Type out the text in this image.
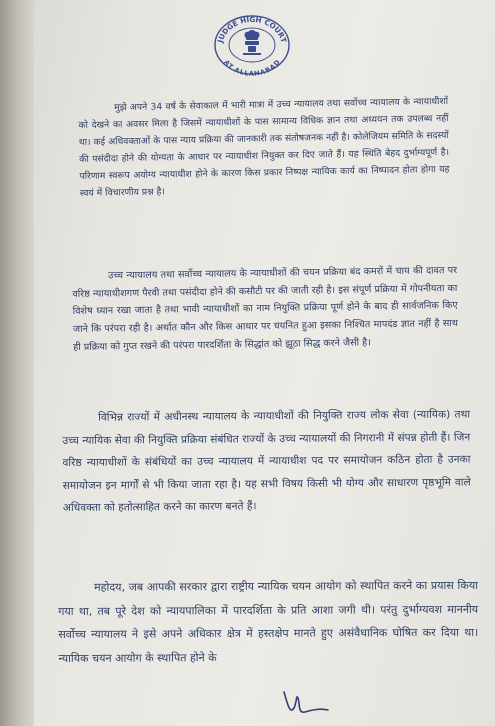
JUDGE HIGH COURT
AT ALLAHABAD

मुझे अपने 34 वर्ष के सेवाकाल में भारी मात्रा में उच्च न्यायालय तथा सर्वोच्च न्यायालय के न्यायाधीशों को देखने का अवसर मिला है जिसमें न्यायाधीशों के पास सामान्य विधिक ज्ञान तथा अध्ययन तक उपलब्ध नहीं था। कई अधिवक्ताओं के पास न्याय प्रक्रिया की जानकारी तक संतोषजनक नहीं है। कोलेजियम समिति के सदस्यों की पसंदीदा होने की योग्यता के आधार पर न्यायाधीश नियुक्त कर दिए जाते हैं। यह स्थिति बेहद दुर्भाग्यपूर्ण है। परिणाम स्वरूप अयोग्य न्यायाधीश होने के कारण किस प्रकार निष्पक्ष न्यायिक कार्य का निष्पादन होता होगा यह स्वयं में विचारणीय प्रश्न है।

उच्च न्यायालय तथा सर्वोच्च न्यायालय के न्यायाधीशों की चयन प्रक्रिया बंद कमरों में चाय की दावत पर वरिष्ठ न्यायाधीशगण पैरवी तथा पसंदीदा होने की कसौटी पर की जाती रही है। इस संपूर्ण प्रक्रिया में गोपनीयता का विशेष ध्यान रखा जाता है तथा भावी न्यायाधीशों का नाम नियुक्ति प्रक्रिया पूर्ण होने के बाद ही सार्वजनिक किए जाने कि परंपरा रही है। अर्थात कौन और किस आधार पर चयनित हुआ इसका निश्चित मापदंड ज्ञात नहीं है साथ ही प्रक्रिया को गुप्त रखने की परंपरा पारदर्शिता के सिद्धांत को झूठा सिद्ध करने जैसी है।

विभिन्न राज्यों में अधीनस्थ न्यायालय के न्यायाधीशों की नियुक्ति राज्य लोक सेवा (न्यायिक) तथा उच्च न्यायिक सेवा की नियुक्ति प्रक्रिया संबंधित राज्यों के उच्च न्यायालयों की निगरानी में संपन्न होती हैं। जिन वरिष्ठ न्यायाधीशों के संबंधियों का उच्च न्यायालय में न्यायाधीश पद पर समायोजन कठिन होता है उनका समायोजन इन मार्गों से भी किया जाता रहा है। यह सभी विषय किसी भी योग्य और साधारण पृष्ठभूमि वाले अधिवक्ता को हतोत्साहित करने का कारण बनते हैं।

महोदय, जब आपकी सरकार द्वारा राष्ट्रीय न्यायिक चयन आयोग को स्थापित करने का प्रयास किया गया था, तब पूरे देश को न्यायपालिका में पारदर्शिता के प्रति आशा जगी थी। परंतु दुर्भाग्यवश माननीय सर्वोच्च न्यायालय ने इसे अपने अधिकार क्षेत्र में हस्तक्षेप मानते हुए असंवैधानिक घोषित कर दिया था। न्यायिक चयन आयोग के स्थापित होने के
